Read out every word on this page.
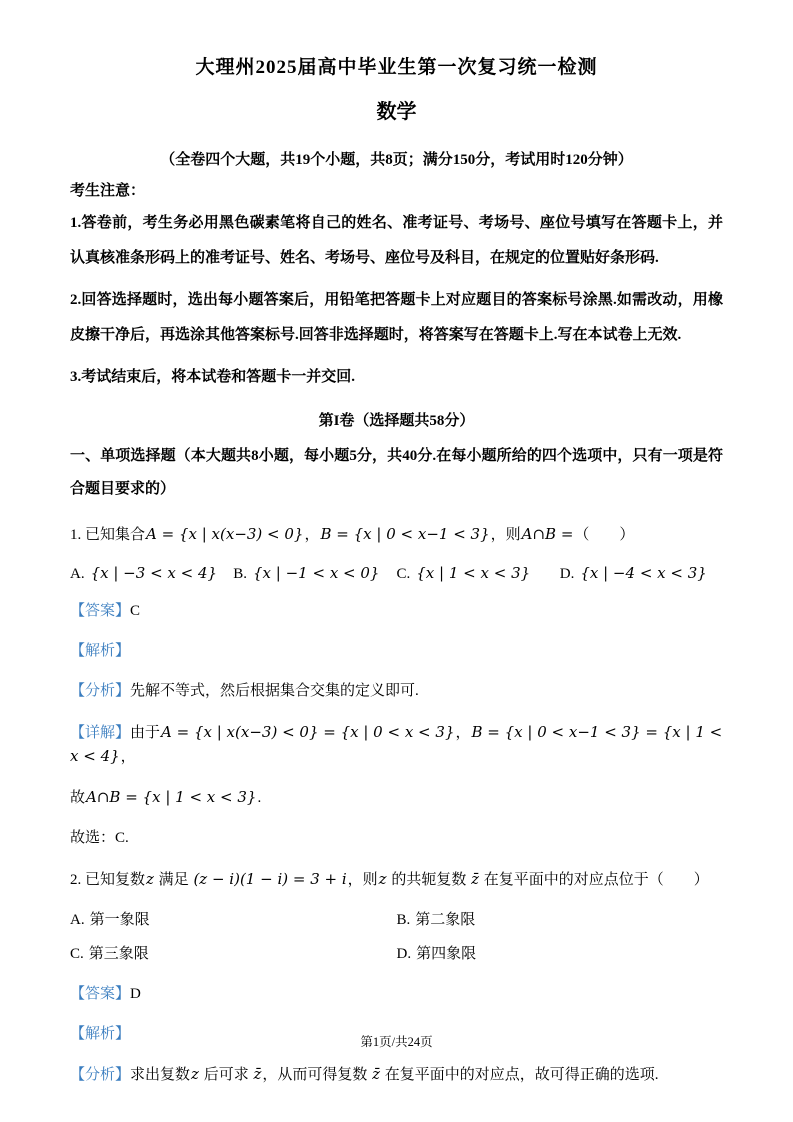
大理州2025届高中毕业生第一次复习统一检测
数学

（全卷四个大题，共19个小题，共8页；满分150分，考试用时120分钟）

考生注意：

1.答卷前，考生务必用黑色碳素笔将自己的姓名、准考证号、考场号、座位号填写在答题卡上，并认真核准条形码上的准考证号、姓名、考场号、座位号及科目，在规定的位置贴好条形码.

2.回答选择题时，选出每小题答案后，用铅笔把答题卡上对应题目的答案标号涂黑.如需改动，用橡皮擦干净后，再选涂其他答案标号.回答非选择题时，将答案写在答题卡上.写在本试卷上无效.

3.考试结束后，将本试卷和答题卡一并交回.

第I卷（选择题共58分）

一、单项选择题（本大题共8小题，每小题5分，共40分.在每小题所给的四个选项中，只有一项是符合题目要求的）

1. 已知集合A = {x | x(x−3) < 0}，B = {x | 0 < x−1 < 3}，则A∩B =（　　）

A. {x | −3 < x < 4}	B. {x | −1 < x < 0}	C. {x | 1 < x < 3}	D. {x | −4 < x < 3}

【答案】C

【解析】

【分析】先解不等式，然后根据集合交集的定义即可.

【详解】由于A = {x | x(x−3) < 0} = {x | 0 < x < 3}，B = {x | 0 < x−1 < 3} = {x | 1 < x < 4}，

故A∩B = {x | 1 < x < 3}.

故选：C.

2. 已知复数z 满足 (z − i)(1 − i) = 3 + i，则z 的共轭复数 z̄ 在复平面中的对应点位于（　　）

A. 第一象限	B. 第二象限
C. 第三象限	D. 第四象限

【答案】D

【解析】

【分析】求出复数z 后可求 z̄，从而可得复数 z̄ 在复平面中的对应点，故可得正确的选项.

第1页/共24页
